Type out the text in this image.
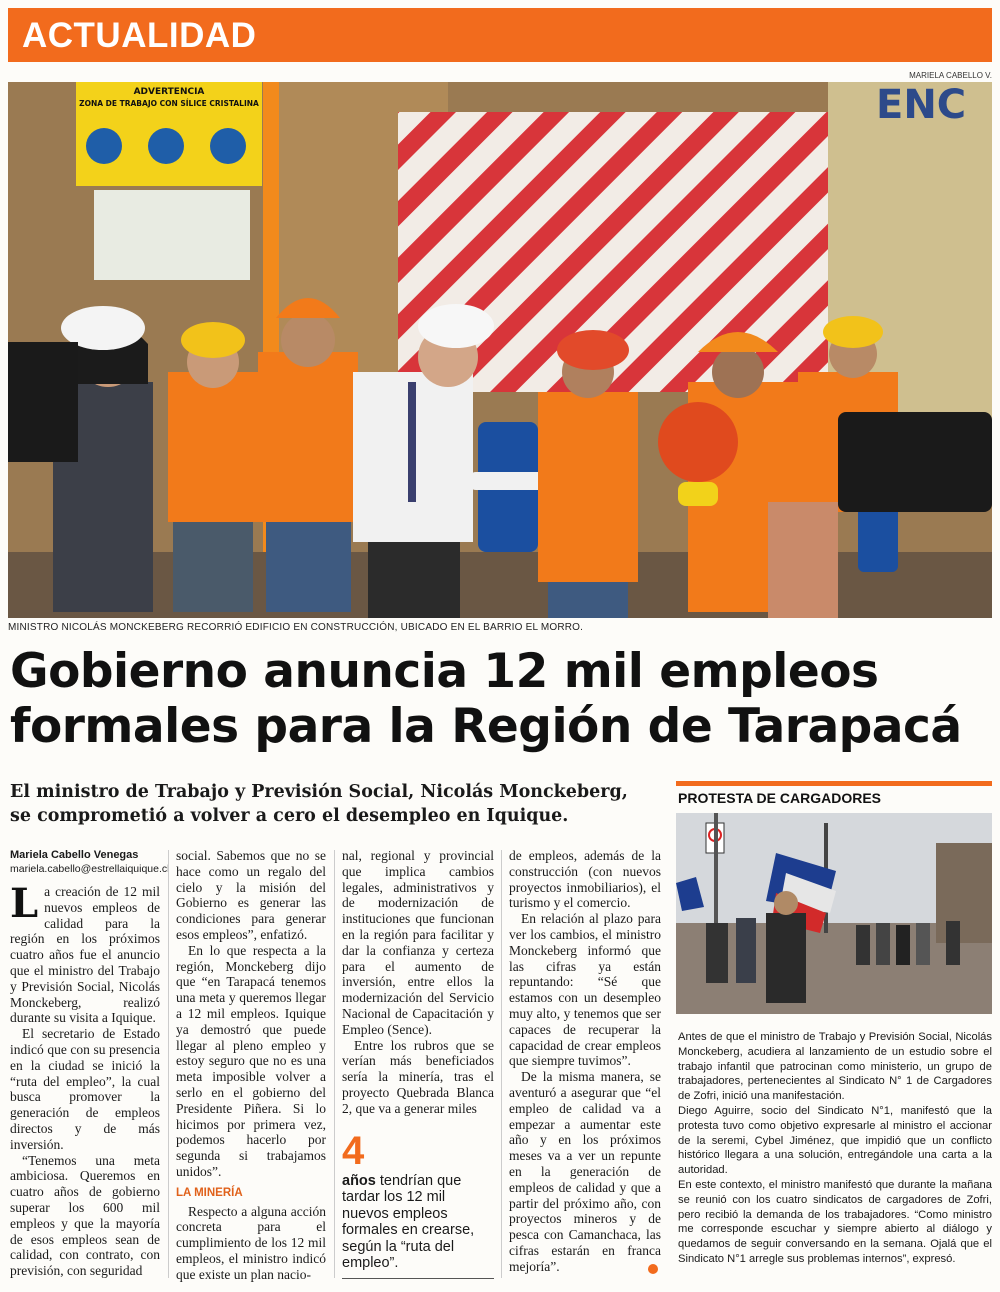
ACTUALIDAD
MARIELA CABELLO V.
ENC
ADVERTENCIA
ZONA DE TRABAJO CON SÍLICE CRISTALINA
MINISTRO NICOLÁS MONCKEBERG RECORRIÓ EDIFICIO EN CONSTRUCCIÓN, UBICADO EN EL BARRIO EL MORRO.
Gobierno anuncia 12 mil empleos
formales para la Región de Tarapacá

El ministro de Trabajo y Previsión Social, Nicolás Monckeberg, se comprometió a volver a cero el desempleo en Iquique.

Mariela Cabello Venegas
mariela.cabello@estrellaiquique.cl

La creación de 12 mil nuevos empleos de calidad para la región en los próximos cuatro años fue el anuncio que el ministro del Trabajo y Previsión Social, Nicolás Monckeberg, realizó durante su visita a Iquique.

El secretario de Estado indicó que con su presencia en la ciudad se inició la “ruta del empleo”, la cual busca promover la generación de empleos directos y de más inversión.

“Tenemos una meta ambiciosa. Queremos en cuatro años de gobierno superar los 600 mil empleos y que la mayoría de esos empleos sean de calidad, con contrato, con previsión, con seguridad

social. Sabemos que no se hace como un regalo del cielo y la misión del Gobierno es generar las condiciones para generar esos empleos”, enfatizó.

En lo que respecta a la región, Monckeberg dijo que “en Tarapacá tenemos una meta y queremos llegar a 12 mil empleos. Iquique ya demostró que puede llegar al pleno empleo y estoy seguro que no es una meta imposible volver a serlo en el gobierno del Presidente Piñera. Si lo hicimos por primera vez, podemos hacerlo por segunda si trabajamos unidos”.

LA MINERÍA

Respecto a alguna acción concreta para el cumplimiento de los 12 mil empleos, el ministro indicó que existe un plan nacio-

nal, regional y provincial que implica cambios legales, administrativos y de modernización de instituciones que funcionan en la región para facilitar y dar la confianza y certeza para el aumento de inversión, entre ellos la modernización del Servicio Nacional de Capacitación y Empleo (Sence).

Entre los rubros que se verían más beneficiados sería la minería, tras el proyecto Quebrada Blanca 2, que va a generar miles

4

años tendrían que tardar los 12 mil nuevos empleos formales en crearse, según la “ruta del empleo”.

de empleos, además de la construcción (con nuevos proyectos inmobiliarios), el turismo y el comercio.

En relación al plazo para ver los cambios, el ministro Monckeberg informó que las cifras ya están repuntando: “Sé que estamos con un desempleo muy alto, y tenemos que ser capaces de recuperar la capacidad de crear empleos que siempre tuvimos”.

De la misma manera, se aventuró a asegurar que “el empleo de calidad va a empezar a aumentar este año y en los próximos meses va a ver un repunte en la generación de empleos de calidad y que a partir del próximo año, con proyectos mineros y de pesca con Camanchaca, las cifras estarán en franca mejoría”.

PROTESTA DE CARGADORES

Antes de que el ministro de Trabajo y Previsión Social, Nicolás Monckeberg, acudiera al lanzamiento de un estudio sobre el trabajo infantil que patrocinan como ministerio, un grupo de trabajadores, pertenecientes al Sindicato N° 1 de Cargadores de Zofri, inició una manifestación.

Diego Aguirre, socio del Sindicato N°1, manifestó que la protesta tuvo como objetivo expresarle al ministro el accionar de la seremi, Cybel Jiménez, que impidió que un conflicto histórico llegara a una solución, entregándole una carta a la autoridad.

En este contexto, el ministro manifestó que durante la mañana se reunió con los cuatro sindicatos de cargadores de Zofri, pero recibió la demanda de los trabajadores. “Como ministro me corresponde escuchar y siempre abierto al diálogo y quedamos de seguir conversando en la semana. Ojalá que el Sindicato N°1 arregle sus problemas internos”, expresó.
